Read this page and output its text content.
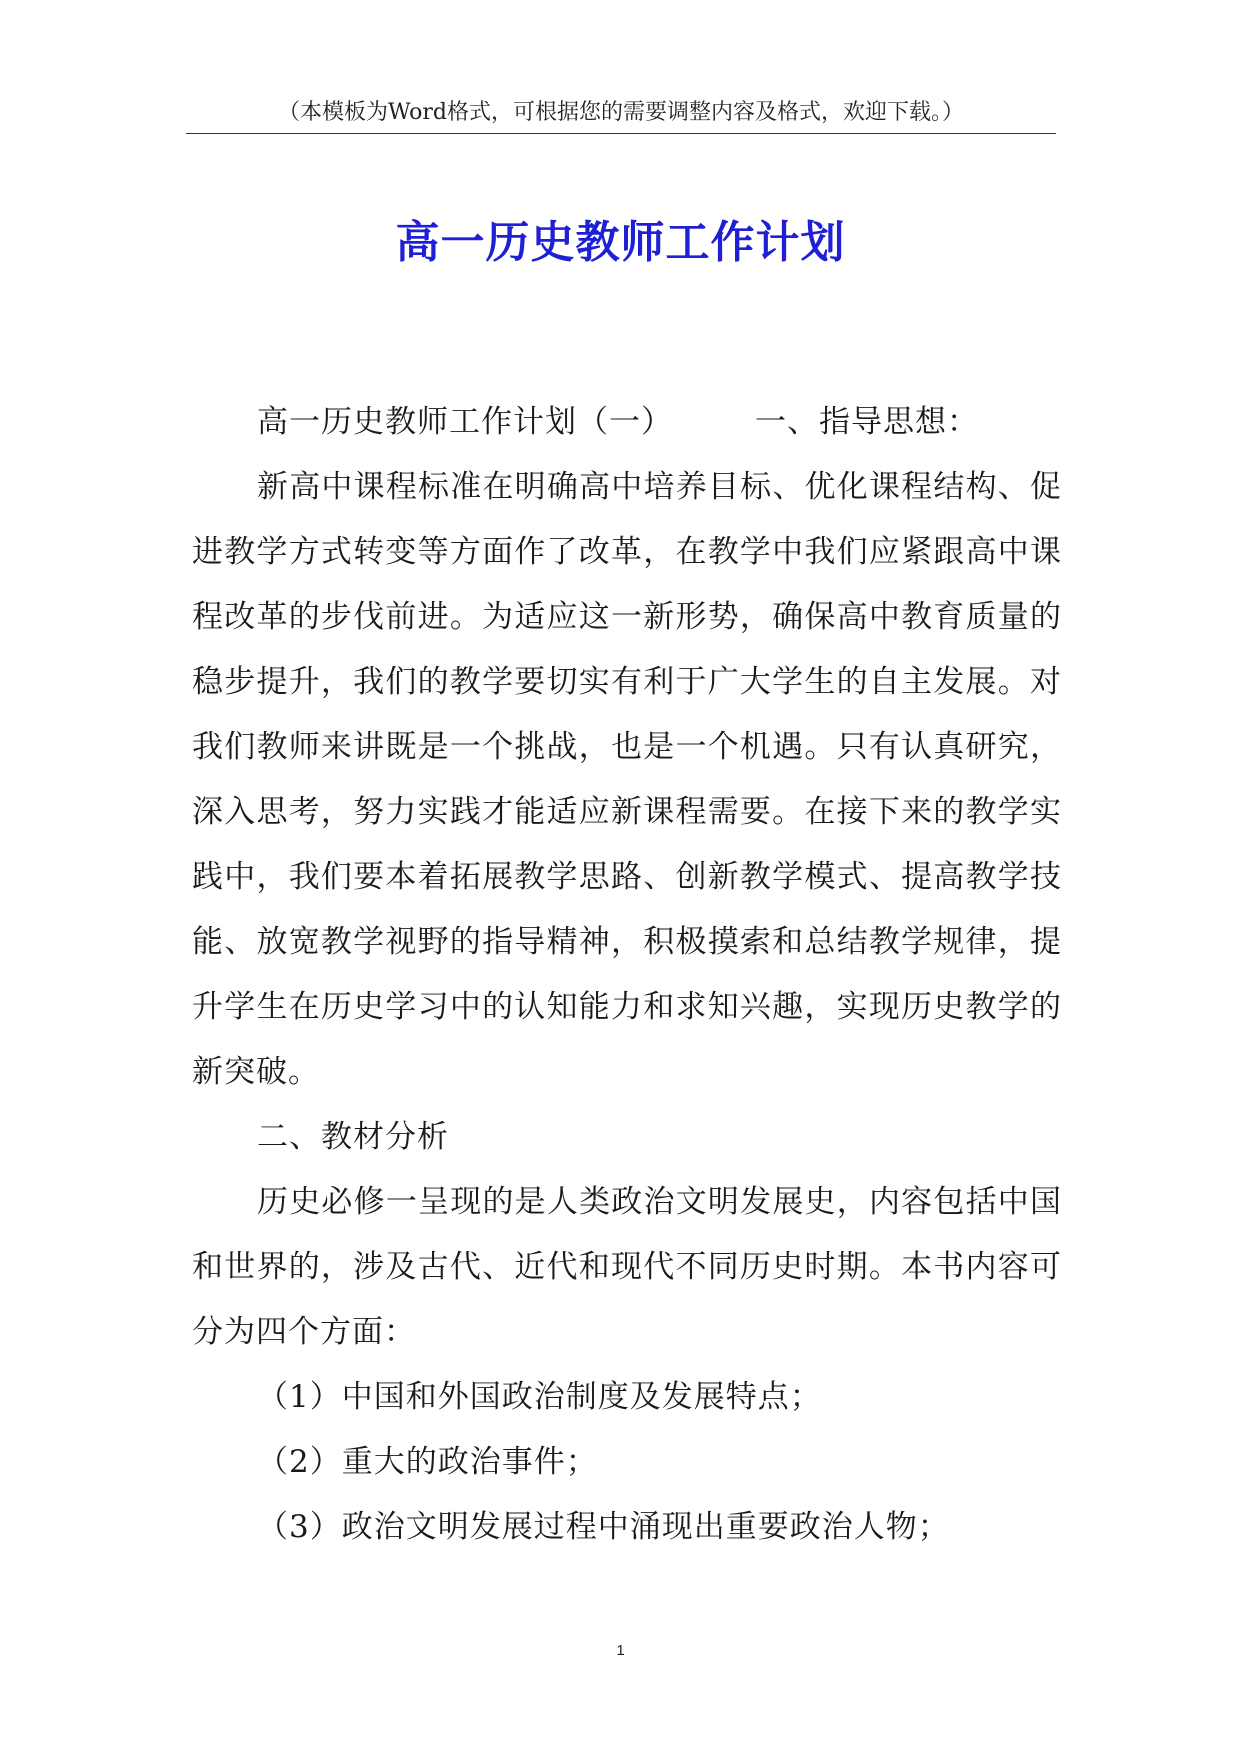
（本模板为Word格式，可根据您的需要调整内容及格式，欢迎下载。）
高一历史教师工作计划

高一历史教师工作计划（一）	一、指导思想：

新高中课程标准在明确高中培养目标、优化课程结构、促进教学方式转变等方面作了改革，在教学中我们应紧跟高中课程改革的步伐前进。为适应这一新形势，确保高中教育质量的稳步提升，我们的教学要切实有利于广大学生的自主发展。对我们教师来讲既是一个挑战，也是一个机遇。只有认真研究，深入思考，努力实践才能适应新课程需要。在接下来的教学实践中，我们要本着拓展教学思路、创新教学模式、提高教学技能、放宽教学视野的指导精神，积极摸索和总结教学规律，提升学生在历史学习中的认知能力和求知兴趣，实现历史教学的新突破。

二、教材分析

历史必修一呈现的是人类政治文明发展史，内容包括中国和世界的，涉及古代、近代和现代不同历史时期。本书内容可分为四个方面：

（1）中国和外国政治制度及发展特点；

（2）重大的政治事件；

（3）政治文明发展过程中涌现出重要政治人物；

1
